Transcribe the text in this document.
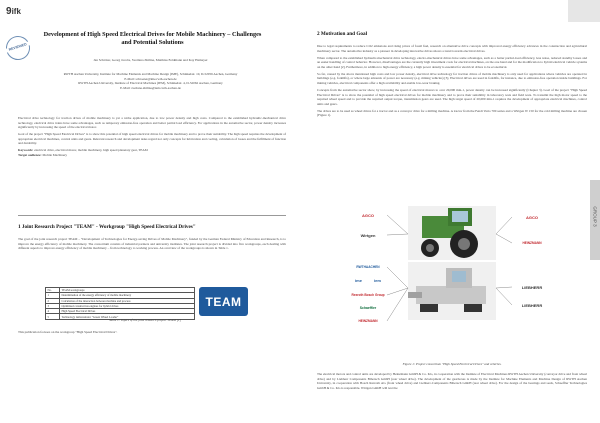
9ifk
GROUP 3
REVIEWED
Development of High Speed Electrical Drives for Mobile Machinery – Challenges and Potential Solutions
Jan Schröter, Georg Jacobs, Svetlana Zhilina, Matthias Feldmann and Kay Hameyer
RWTH Aachen University, Institute for Machine Elements and Machine Design (IME), Schinkelstr. 10, D-52056 Aachen, Germany
E-Mail: schroeter@ime.rwth-aachen.de
RWTH Aachen University, Institute of Electrical Machines (IEM), Schinkelstr. 4, D-52062 Aachen, Germany
E-Mail: svetlana.zhilina@iem.rwth-aachen.de

Electrical drive technology for traction drives of mobile machinery is yet a niche application, due to low power density and high costs. Compared to the established hydraulic-mechanical drive technology, electrical drive trains have some advantages, such as temporary emission-free operation and better partial load efficiency. For applications in the automotive sector, power density increases significantly by increasing the speed of the electrical motor.

Goal of the project "High Speed Electrical Drives" is to show this potential of high speed electrical drives for mobile machinery and to prove their suitability. The high speed requires the development of appropriate electrical machines, control units and gears. Relevant research and development tasks regard not only concepts for lubrication and cooling, calculation of losses and the fulfilment of function and durability.

Keywords: electrical drive, electrical motor, mobile machinery, high speed planetary gear, TEAM
Target audience: Mobile Machinery
1 Joint Research Project "TEAM" - Workgroup "High Speed Electrical Drives"
The goal of the joint research project TEAM – "Development of Technologies for Energy-saving Drives of Mobile Machinery", funded by the German Federal Ministry of Education and Research, is to improve the energy efficiency of mobile machinery. The consortium consists of industrial partners and university institutes. The joint research project is divided into five workgroups, each dealing with different aspects to improve energy efficiency of mobile machinery – from technology to working process. An overview of the workgroups is shown in Table 1.
No.	TEAM-workgroups
1	Determination of the energy efficiency of mobile machinery
2	Calculation of the interaction between machine and process
3	Optimized construction engines for hybrid drives
4	High Speed Electrical Drives
5	Technology demonstrator "Green Wheel Loader"
TEAM
Table 1: Topics of the joint research project TEAM [1]
This publication focuses on the workgroup "High Speed Electrical Drives".
2 Motivation and Goal

Due to legal requirements to reduce CO2 emissions and rising prices of fossil fuel, research on alternative drive concepts with improved energy efficiency advances in the construction and agricultural machinery sector. The automotive industry as a pioneer in developing innovative drives shows a trend towards electrical drives.

When compared to the established hydraulic-mechanical drive technology, electro-mechanical drives have some advantages, such as a better partial-load efficiency, less noise, reduced standby losses and an easier handling of control behavior. However, disadvantages are the currently high investment costs for electrical machines, on the one hand and for the modification to hybrid electrical vehicle systems on the other hand [2]. Furthermore, in addition to high energy efficiency, a high power density is essential for electrical drives to be economical.

So far, caused by the above mentioned high costs and low power density, electrical drive technology for traction drives of mobile machinery is only used for applications where vehicles are operated in buildings (e.g. forklifts), or where large amounts of power are necessary (e.g. mining vehicles) [3]. Electrical drives are used in forklifts, for instance, due to emission-free operation inside buildings. For mining vehicles, electrical components offer a high availability and enable low-wear braking.

Concepts from the automotive sector show, by increasing the speed of electrical motors to over 20,000 min-1, power density can be increased significantly (Chapter 3). Goal of the project "High Speed Electrical Drives" is to show the potential of high speed electrical drives for mobile machinery and to prove their suitability in laboratory tests and field tests. To transmit the high motor speed to the required wheel speed and to provide the required output torque, transmission gears are used. The high target speed of 20,000 min-1 requires the development of appropriate electrical machines, control units and gears.

The drives are to be used as wheel drives for a tractor and as a conveyor drive for a milling machine. A tractor from the Fendt Vario 700 series and a Wirtgen W 150 for the cold milling machine are chosen (Figure 1).

AGCO
Wirtgen
RWTHAACHEN
ime	iem
Rexroth Bosch Group
Schaeffler
HEINZMANN
AGCO
HEINZMANN
LIEBHERR
LIEBHERR
Figure 1: Project consortium "High Speed Electrical Drives" and vehicles.
The electrical motors and control units are developed by Heinzmann GmbH & Co. KG, in cooperation with the Institute of Electrical Machines RWTH Aachen University (conveyor drive and front wheel drive) and by Liebherr Components Biberach GmbH (rear wheel drive). The development of the gearboxes is made by the Institute for Machine Elements and Machine Design of RWTH Aachen University, in cooperation with Bosch Rexroth AG (front wheel drive) and Liebherr-Components Biberach GmbH (rear wheel drive). For the design of the bearings and seals, Schaeffler Technologies GmbH & Co. KG is responsible. Wirtgen GmbH will test the
